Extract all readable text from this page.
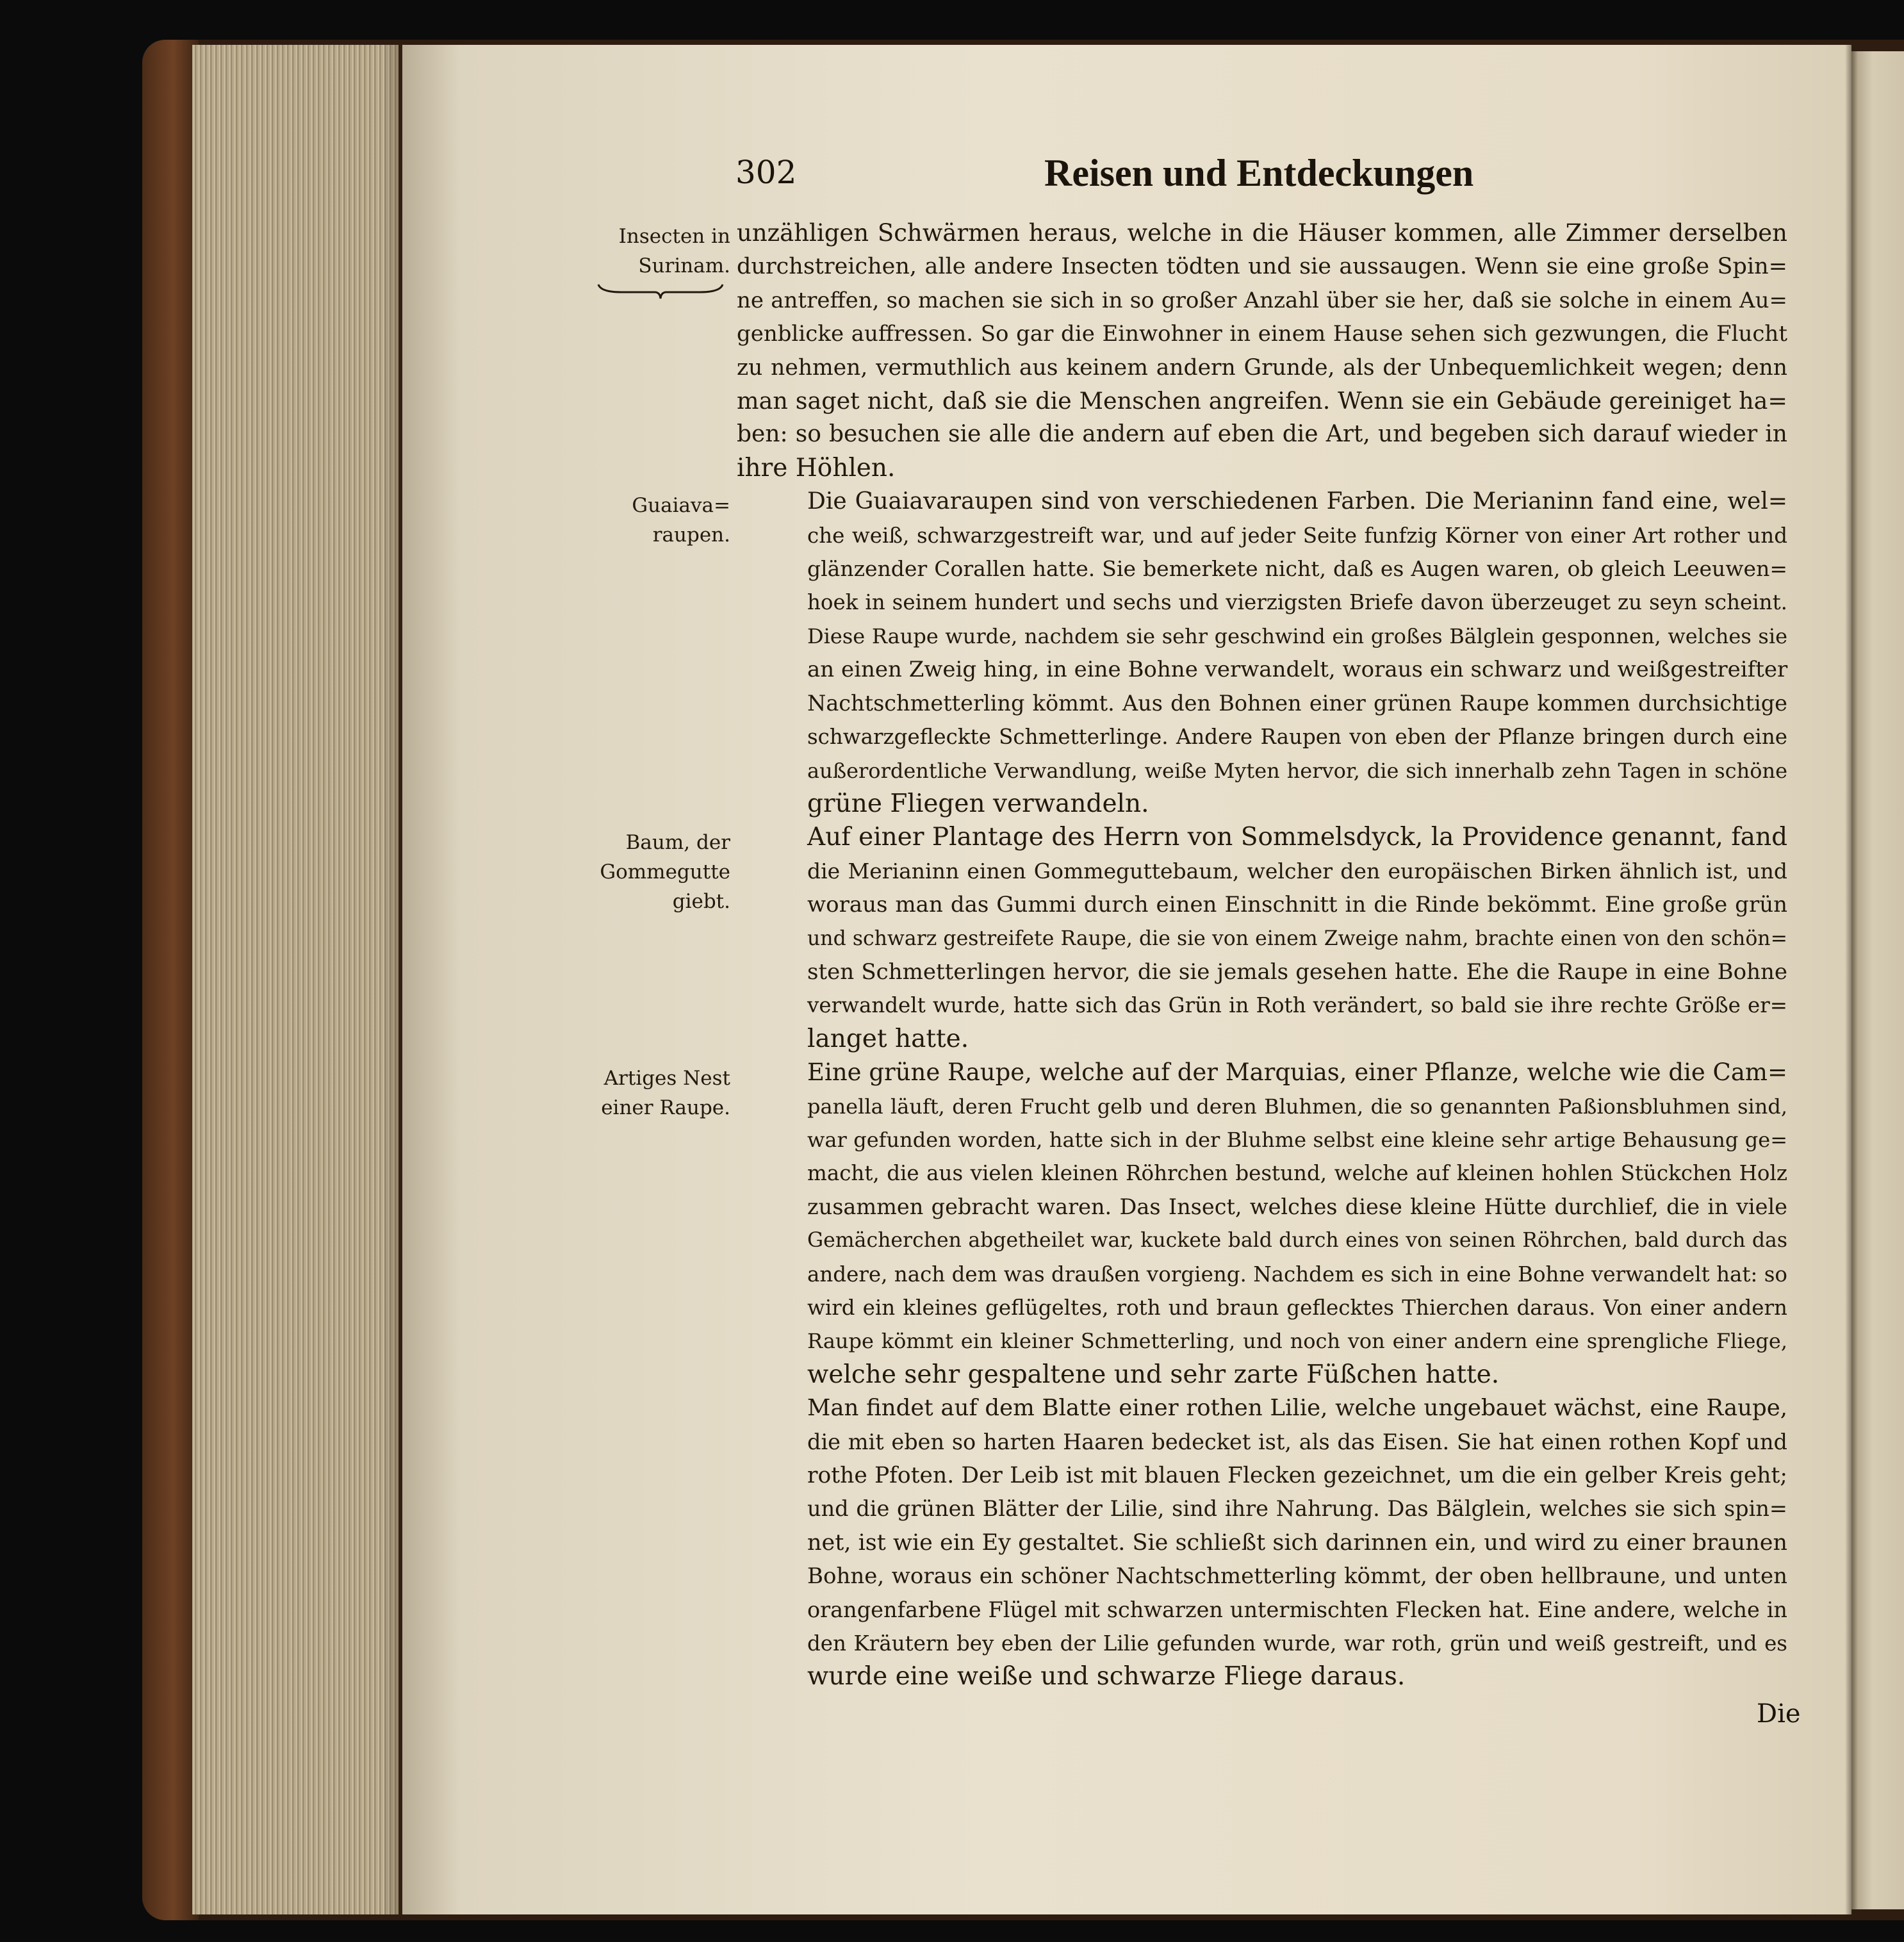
302	Reisen und Entdeckungen
Insecten in
Surinam.
Guaiava=
raupen.
Baum, der
Gommegutte
giebt.
Artiges Nest
einer Raupe.

unzähligen Schwärmen heraus, welche in die Häuser kommen, alle Zimmer derselben
durchstreichen, alle andere Insecten tödten und sie aussaugen. Wenn sie eine große Spin=
ne antreffen, so machen sie sich in so großer Anzahl über sie her, daß sie solche in einem Au=
genblicke auffressen. So gar die Einwohner in einem Hause sehen sich gezwungen, die Flucht
zu nehmen, vermuthlich aus keinem andern Grunde, als der Unbequemlichkeit wegen; denn
man saget nicht, daß sie die Menschen angreifen. Wenn sie ein Gebäude gereiniget ha=
ben: so besuchen sie alle die andern auf eben die Art, und begeben sich darauf wieder in
ihre Höhlen.

Die Guaiavaraupen sind von verschiedenen Farben. Die Merianinn fand eine, wel=
che weiß, schwarzgestreift war, und auf jeder Seite funfzig Körner von einer Art rother und
glänzender Corallen hatte. Sie bemerkete nicht, daß es Augen waren, ob gleich Leeuwen=
hoek in seinem hundert und sechs und vierzigsten Briefe davon überzeuget zu seyn scheint.
Diese Raupe wurde, nachdem sie sehr geschwind ein großes Bälglein gesponnen, welches sie
an einen Zweig hing, in eine Bohne verwandelt, woraus ein schwarz und weißgestreifter
Nachtschmetterling kömmt. Aus den Bohnen einer grünen Raupe kommen durchsichtige
schwarzgefleckte Schmetterlinge. Andere Raupen von eben der Pflanze bringen durch eine
außerordentliche Verwandlung, weiße Myten hervor, die sich innerhalb zehn Tagen in schöne
grüne Fliegen verwandeln.

Auf einer Plantage des Herrn von Sommelsdyck, la Providence genannt, fand
die Merianinn einen Gommeguttebaum, welcher den europäischen Birken ähnlich ist, und
woraus man das Gummi durch einen Einschnitt in die Rinde bekömmt. Eine große grün
und schwarz gestreifete Raupe, die sie von einem Zweige nahm, brachte einen von den schön=
sten Schmetterlingen hervor, die sie jemals gesehen hatte. Ehe die Raupe in eine Bohne
verwandelt wurde, hatte sich das Grün in Roth verändert, so bald sie ihre rechte Größe er=
langet hatte.

Eine grüne Raupe, welche auf der Marquias, einer Pflanze, welche wie die Cam=
panella läuft, deren Frucht gelb und deren Bluhmen, die so genannten Paßionsbluhmen sind,
war gefunden worden, hatte sich in der Bluhme selbst eine kleine sehr artige Behausung ge=
macht, die aus vielen kleinen Röhrchen bestund, welche auf kleinen hohlen Stückchen Holz
zusammen gebracht waren. Das Insect, welches diese kleine Hütte durchlief, die in viele
Gemächerchen abgetheilet war, kuckete bald durch eines von seinen Röhrchen, bald durch das
andere, nach dem was draußen vorgieng. Nachdem es sich in eine Bohne verwandelt hat: so
wird ein kleines geflügeltes, roth und braun geflecktes Thierchen daraus. Von einer andern
Raupe kömmt ein kleiner Schmetterling, und noch von einer andern eine sprengliche Fliege,
welche sehr gespaltene und sehr zarte Füßchen hatte.

Man findet auf dem Blatte einer rothen Lilie, welche ungebauet wächst, eine Raupe,
die mit eben so harten Haaren bedecket ist, als das Eisen. Sie hat einen rothen Kopf und
rothe Pfoten. Der Leib ist mit blauen Flecken gezeichnet, um die ein gelber Kreis geht;
und die grünen Blätter der Lilie, sind ihre Nahrung. Das Bälglein, welches sie sich spin=
net, ist wie ein Ey gestaltet. Sie schließt sich darinnen ein, und wird zu einer braunen
Bohne, woraus ein schöner Nachtschmetterling kömmt, der oben hellbraune, und unten
orangenfarbene Flügel mit schwarzen untermischten Flecken hat. Eine andere, welche in
den Kräutern bey eben der Lilie gefunden wurde, war roth, grün und weiß gestreift, und es
wurde eine weiße und schwarze Fliege daraus.

Die
